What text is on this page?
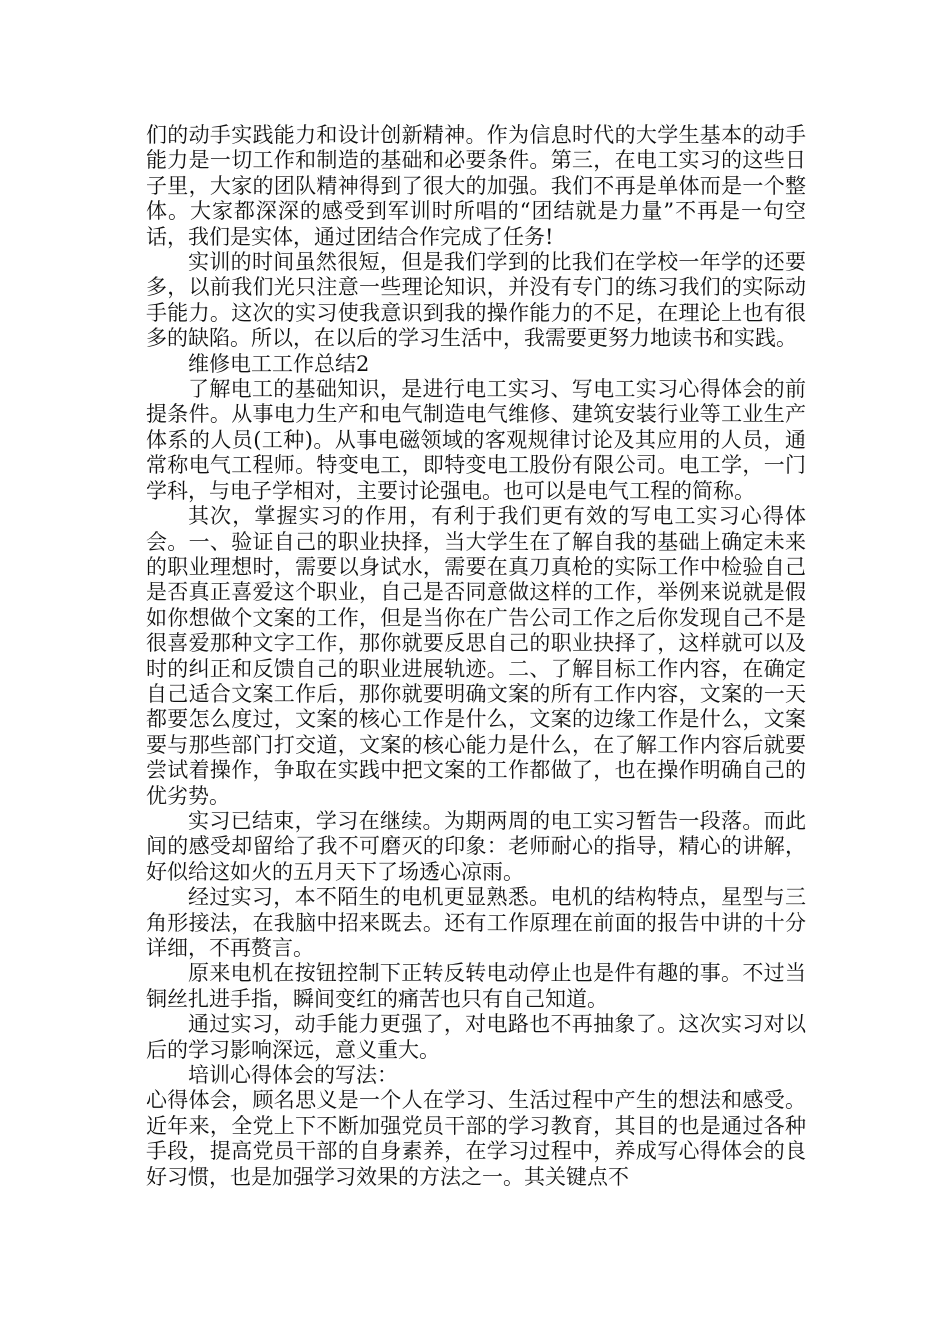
们的动手实践能力和设计创新精神。作为信息时代的大学生基本的动手能力是一切工作和制造的基础和必要条件。第三，在电工实习的这些日子里，大家的团队精神得到了很大的加强。我们不再是单体而是一个整体。大家都深深的感受到军训时所唱的“团结就是力量”不再是一句空话，我们是实体，通过团结合作完成了任务!

实训的时间虽然很短，但是我们学到的比我们在学校一年学的还要多，以前我们光只注意一些理论知识，并没有专门的练习我们的实际动手能力。这次的实习使我意识到我的操作能力的不足，在理论上也有很多的缺陷。所以，在以后的学习生活中，我需要更努力地读书和实践。

维修电工工作总结2

了解电工的基础知识，是进行电工实习、写电工实习心得体会的前提条件。从事电力生产和电气制造电气维修、建筑安装行业等工业生产体系的人员(工种)。从事电磁领域的客观规律讨论及其应用的人员，通常称电气工程师。特变电工，即特变电工股份有限公司。电工学，一门学科，与电子学相对，主要讨论强电。也可以是电气工程的简称。

其次，掌握实习的作用，有利于我们更有效的写电工实习心得体会。一、验证自己的职业抉择，当大学生在了解自我的基础上确定未来的职业理想时，需要以身试水，需要在真刀真枪的实际工作中检验自己是否真正喜爱这个职业，自己是否同意做这样的工作，举例来说就是假如你想做个文案的工作，但是当你在广告公司工作之后你发现自己不是很喜爱那种文字工作，那你就要反思自己的职业抉择了，这样就可以及时的纠正和反馈自己的职业进展轨迹。二、了解目标工作内容，在确定自己适合文案工作后，那你就要明确文案的所有工作内容，文案的一天都要怎么度过，文案的核心工作是什么，文案的边缘工作是什么，文案要与那些部门打交道，文案的核心能力是什么，在了解工作内容后就要尝试着操作，争取在实践中把文案的工作都做了，也在操作明确自己的优劣势。

实习已结束，学习在继续。为期两周的电工实习暂告一段落。而此间的感受却留给了我不可磨灭的印象：老师耐心的指导，精心的讲解，好似给这如火的五月天下了场透心凉雨。

经过实习，本不陌生的电机更显熟悉。电机的结构特点，星型与三角形接法，在我脑中招来既去。还有工作原理在前面的报告中讲的十分详细，不再赘言。

原来电机在按钮控制下正转反转电动停止也是件有趣的事。不过当铜丝扎进手指，瞬间变红的痛苦也只有自己知道。

通过实习，动手能力更强了，对电路也不再抽象了。这次实习对以后的学习影响深远，意义重大。

培训心得体会的写法：

心得体会，顾名思义是一个人在学习、生活过程中产生的想法和感受。近年来，全党上下不断加强党员干部的学习教育，其目的也是通过各种手段，提高党员干部的自身素养，在学习过程中，养成写心得体会的良好习惯，也是加强学习效果的方法之一。其关键点不
